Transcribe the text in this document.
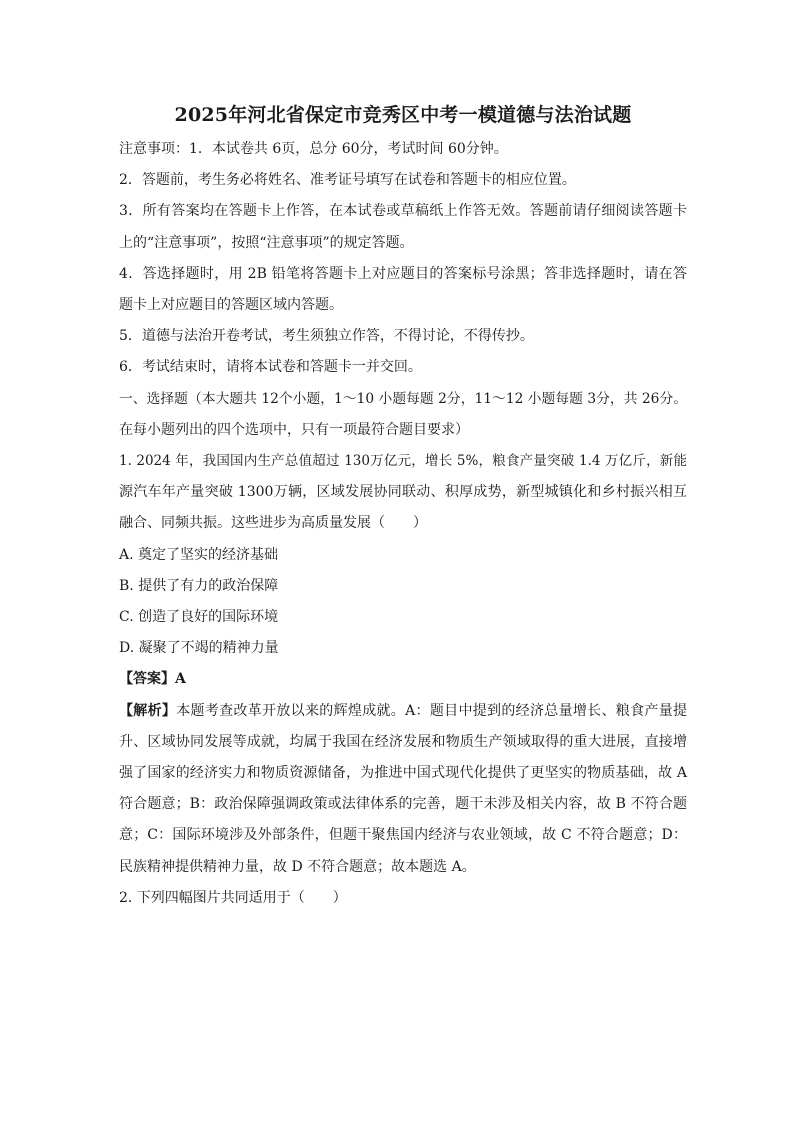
2025年河北省保定市竞秀区中考一模道德与法治试题

注意事项：1．本试卷共 6页，总分 60分，考试时间 60分钟。

2．答题前，考生务必将姓名、准考证号填写在试卷和答题卡的相应位置。

3．所有答案均在答题卡上作答，在本试卷或草稿纸上作答无效。答题前请仔细阅读答题卡

上的“注意事项”，按照“注意事项”的规定答题。

4．答选择题时，用 2B 铅笔将答题卡上对应题目的答案标号涂黑；答非选择题时，请在答

题卡上对应题目的答题区域内答题。

5．道德与法治开卷考试，考生须独立作答，不得讨论，不得传抄。

6．考试结束时，请将本试卷和答题卡一并交回。

一、选择题（本大题共 12个小题，1～10 小题每题 2分，11～12 小题每题 3分，共 26分。

在每小题列出的四个选项中，只有一项最符合题目要求）

1. 2024 年，我国国内生产总值超过 130万亿元，增长 5%，粮食产量突破 1.4 万亿斤，新能

源汽车年产量突破 1300万辆，区域发展协同联动、积厚成势，新型城镇化和乡村振兴相互

融合、同频共振。这些进步为高质量发展（　　）

A. 奠定了坚实的经济基础

B. 提供了有力的政治保障

C. 创造了良好的国际环境

D. 凝聚了不竭的精神力量

【答案】A

【解析】本题考查改革开放以来的辉煌成就。A：题目中提到的经济总量增长、粮食产量提

升、区域协同发展等成就，均属于我国在经济发展和物质生产领域取得的重大进展，直接增

强了国家的经济实力和物质资源储备，为推进中国式现代化提供了更坚实的物质基础，故 A

符合题意；B：政治保障强调政策或法律体系的完善，题干未涉及相关内容，故 B 不符合题

意；C：国际环境涉及外部条件，但题干聚焦国内经济与农业领域，故 C 不符合题意；D：

民族精神提供精神力量，故 D 不符合题意；故本题选 A。

2. 下列四幅图片共同适用于（　　）
